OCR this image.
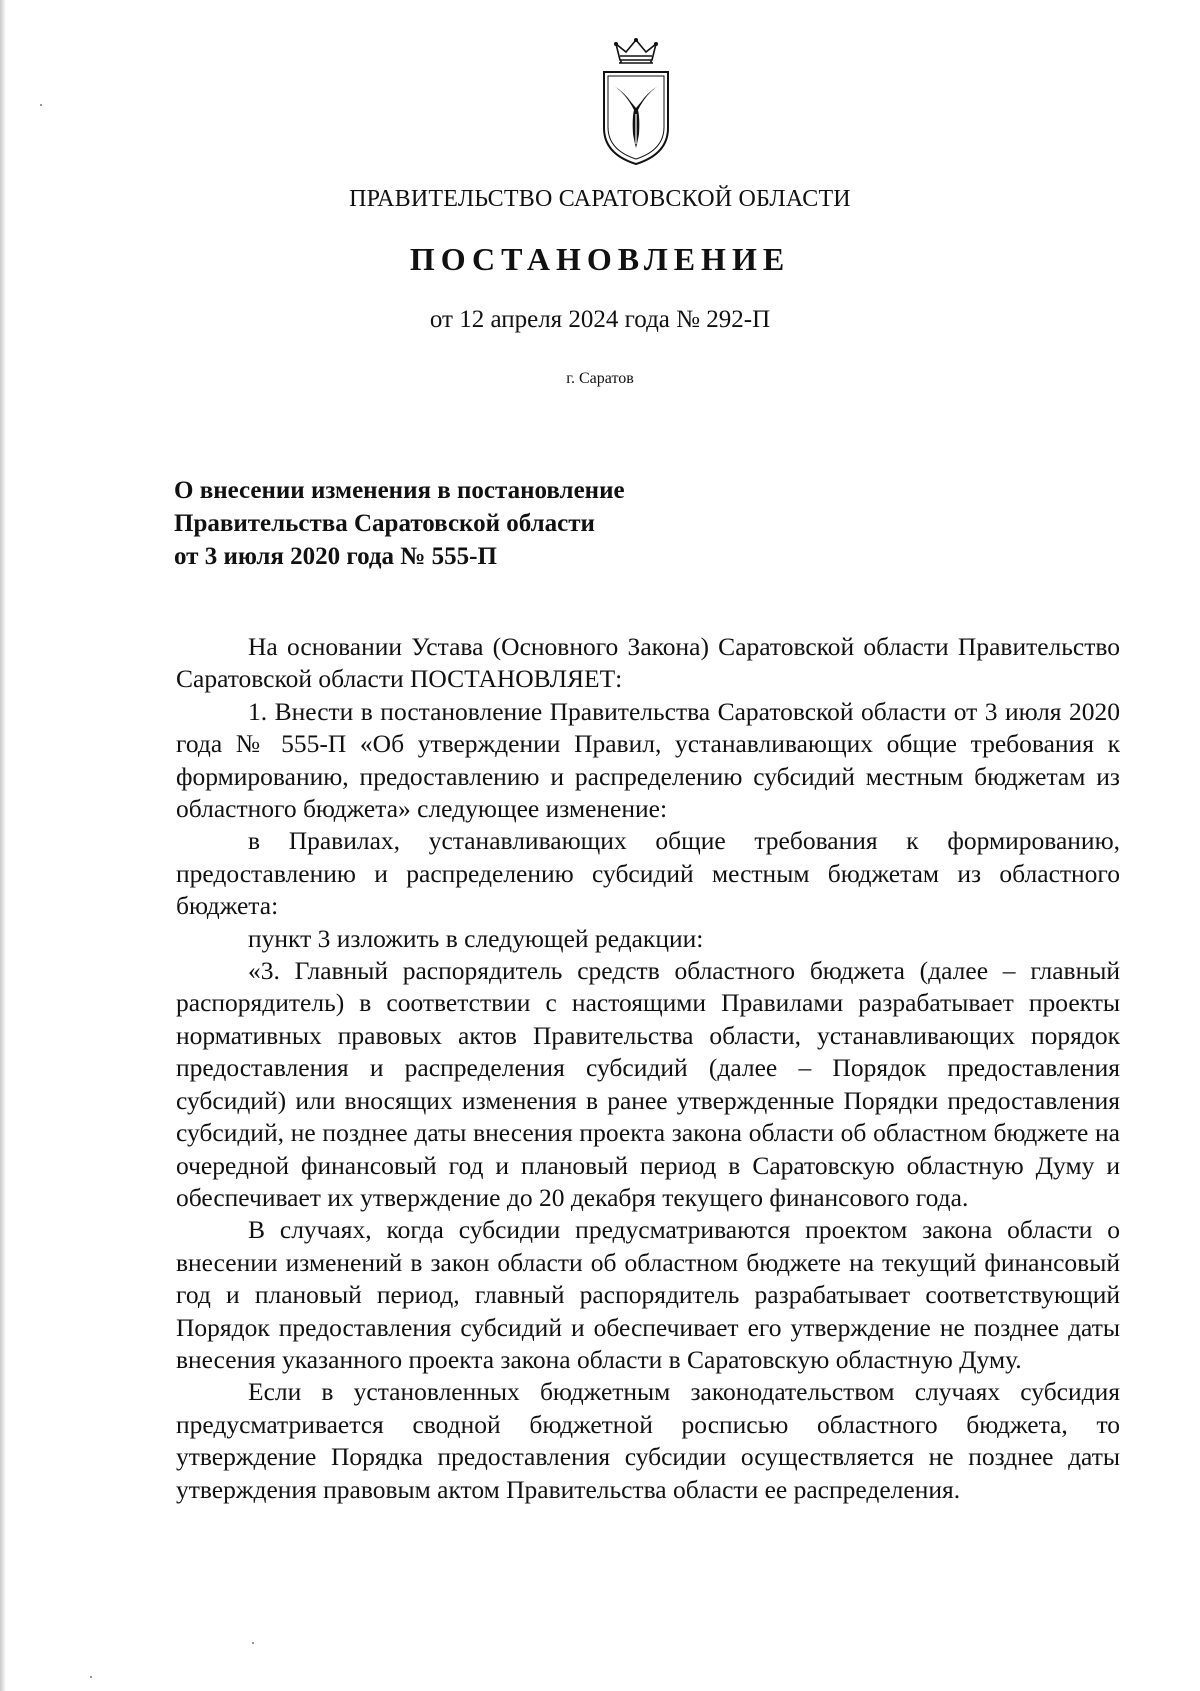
ПРАВИТЕЛЬСТВО САРАТОВСКОЙ ОБЛАСТИ
ПОСТАНОВЛЕНИЕ
от 12 апреля 2024 года № 292-П
г. Саратов
О внесении изменения в постановление
Правительства Саратовской области
от 3 июля 2020 года № 555-П

На основании Устава (Основного Закона) Саратовской области Правительство Саратовской области ПОСТАНОВЛЯЕТ:

1. Внести в постановление Правительства Саратовской области от 3 июля 2020 года № 555-П «Об утверждении Правил, устанавливающих общие требования к формированию, предоставлению и распределению субсидий местным бюджетам из областного бюджета» следующее изменение:

в Правилах, устанавливающих общие требования к формированию, предоставлению и распределению субсидий местным бюджетам из областного бюджета:

пункт 3 изложить в следующей редакции:

«3. Главный распорядитель средств областного бюджета (далее – главный распорядитель) в соответствии с настоящими Правилами разрабатывает проекты нормативных правовых актов Правительства области, устанавливающих порядок предоставления и распределения субсидий (далее – Порядок предоставления субсидий) или вносящих изменения в ранее утвержденные Порядки предоставления субсидий, не позднее даты внесения проекта закона области об областном бюджете на очередной финансовый год и плановый период в Саратовскую областную Думу и обеспечивает их утверждение до 20 декабря текущего финансового года.

В случаях, когда субсидии предусматриваются проектом закона области о внесении изменений в закон области об областном бюджете на текущий финансовый год и плановый период, главный распорядитель разрабатывает соответствующий Порядок предоставления субсидий и обеспечивает его утверждение не позднее даты внесения указанного проекта закона области в Саратовскую областную Думу.

Если в установленных бюджетным законодательством случаях субсидия предусматривается сводной бюджетной росписью областного бюджета, то утверждение Порядка предоставления субсидии осуществляется не позднее даты утверждения правовым актом Правительства области ее распределения.
